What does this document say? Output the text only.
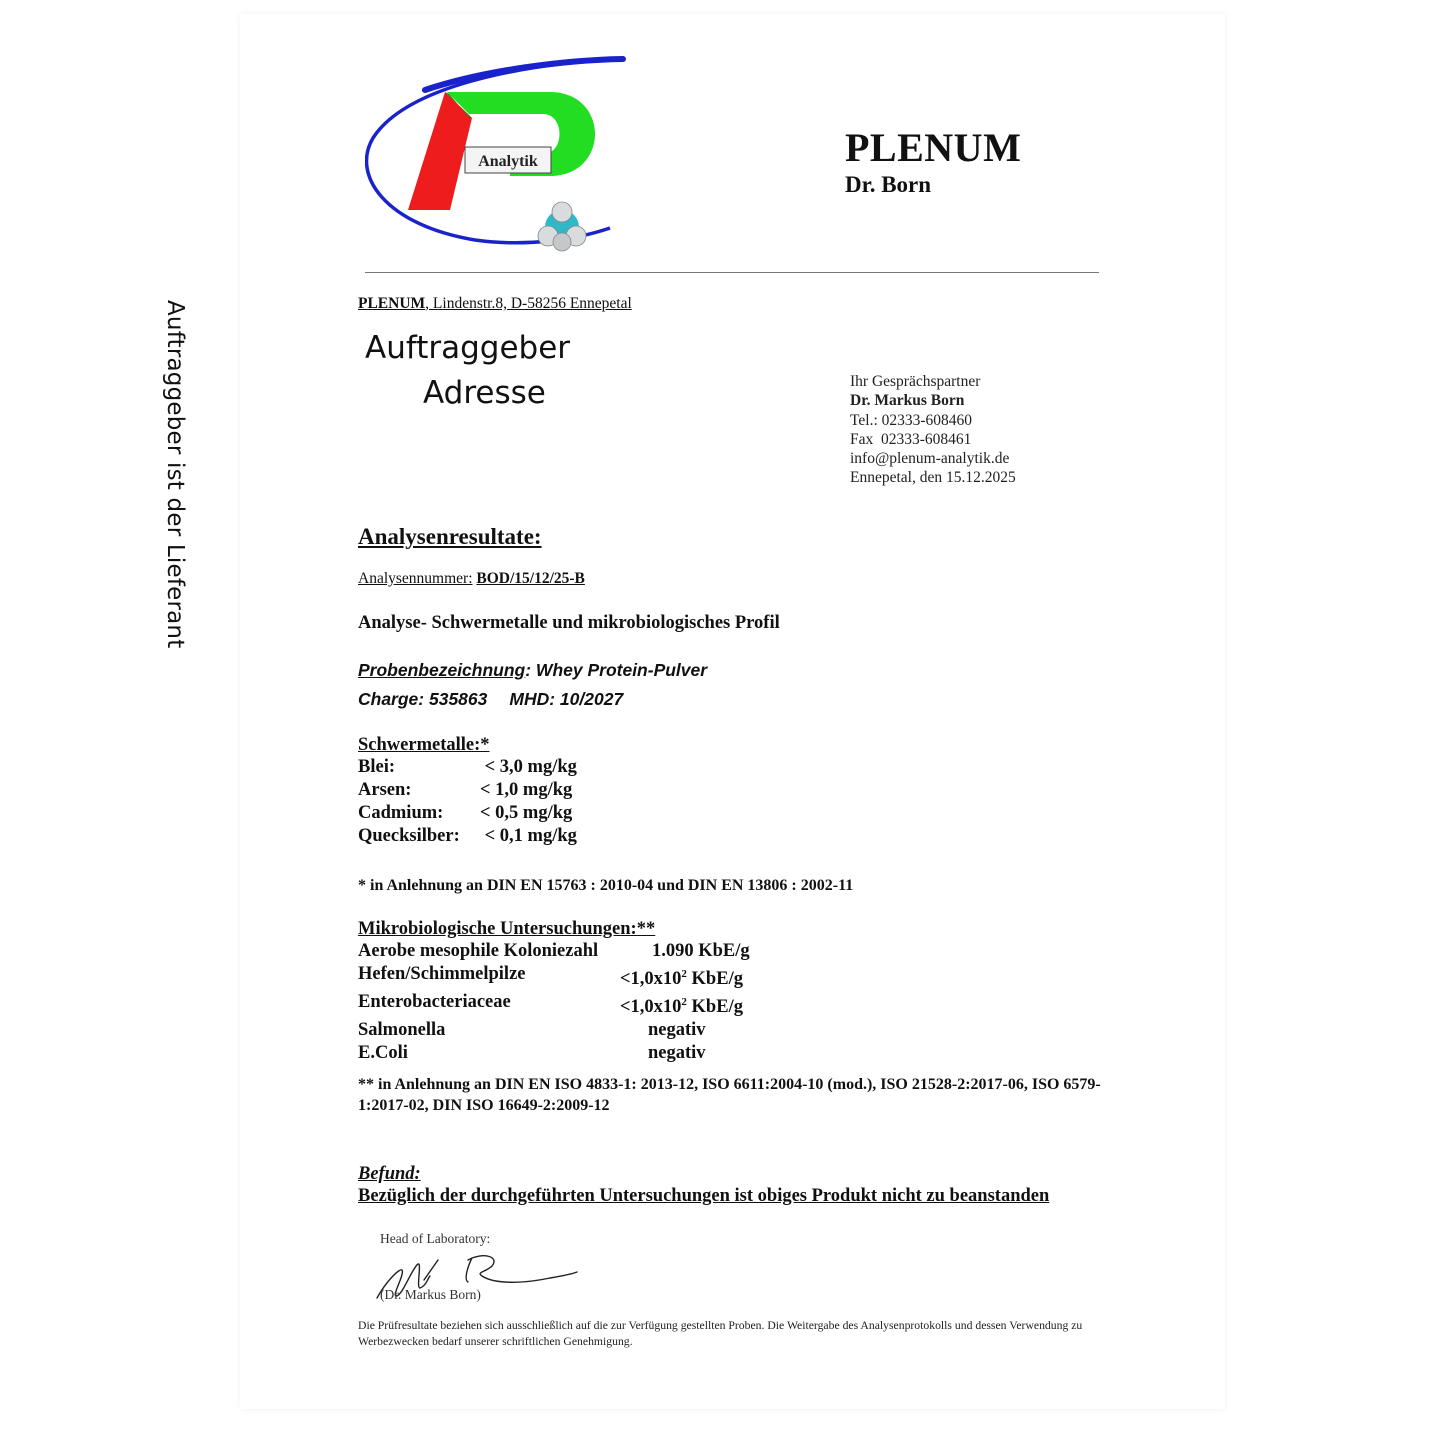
Auftraggeber ist der Lieferant
Analytik	PLENUM
Dr. Born
PLENUM, Lindenstr.8, D-58256 Ennepetal
Auftraggeber
Adresse	Ihr Gesprächspartner
Dr. Markus Born
Tel.: 02333-608460
Fax  02333-608461
info@plenum-analytik.de
Ennepetal, den 15.12.2025
Analysenresultate:
Analysennummer: BOD/15/12/25-B
Analyse- Schwermetalle und mikrobiologisches Profil
Probenbezeichnung: Whey Protein-Pulver
Charge: 535863 MHD: 10/2027
Schwermetalle:*
Blei:	< 3,0 mg/kg
Arsen:	< 1,0 mg/kg
Cadmium:	< 0,5 mg/kg
Quecksilber:	< 0,1 mg/kg
* in Anlehnung an DIN EN 15763 : 2010-04 und DIN EN 13806 : 2002-11
Mikrobiologische Untersuchungen:**
Aerobe mesophile Koloniezahl	1.090 KbE/g
Hefen/Schimmelpilze	$<1,0x10^2$ KbE/g
Enterobacteriaceae	$<1,0x10^2$ KbE/g
Salmonella	negativ
E.Coli	negativ
** in Anlehnung an DIN EN ISO 4833-1: 2013-12, ISO 6611:2004-10 (mod.), ISO 21528-2:2017-06, ISO 6579-1:2017-02, DIN ISO 16649-2:2009-12
Befund:
Bezüglich der durchgeführten Untersuchungen ist obiges Produkt nicht zu beanstanden
Head of Laboratory:
(Dr. Markus Born)
Die Prüfresultate beziehen sich ausschließlich auf die zur Verfügung gestellten Proben. Die Weitergabe des Analysenprotokolls und dessen Verwendung zu Werbezwecken bedarf unserer schriftlichen Genehmigung.
